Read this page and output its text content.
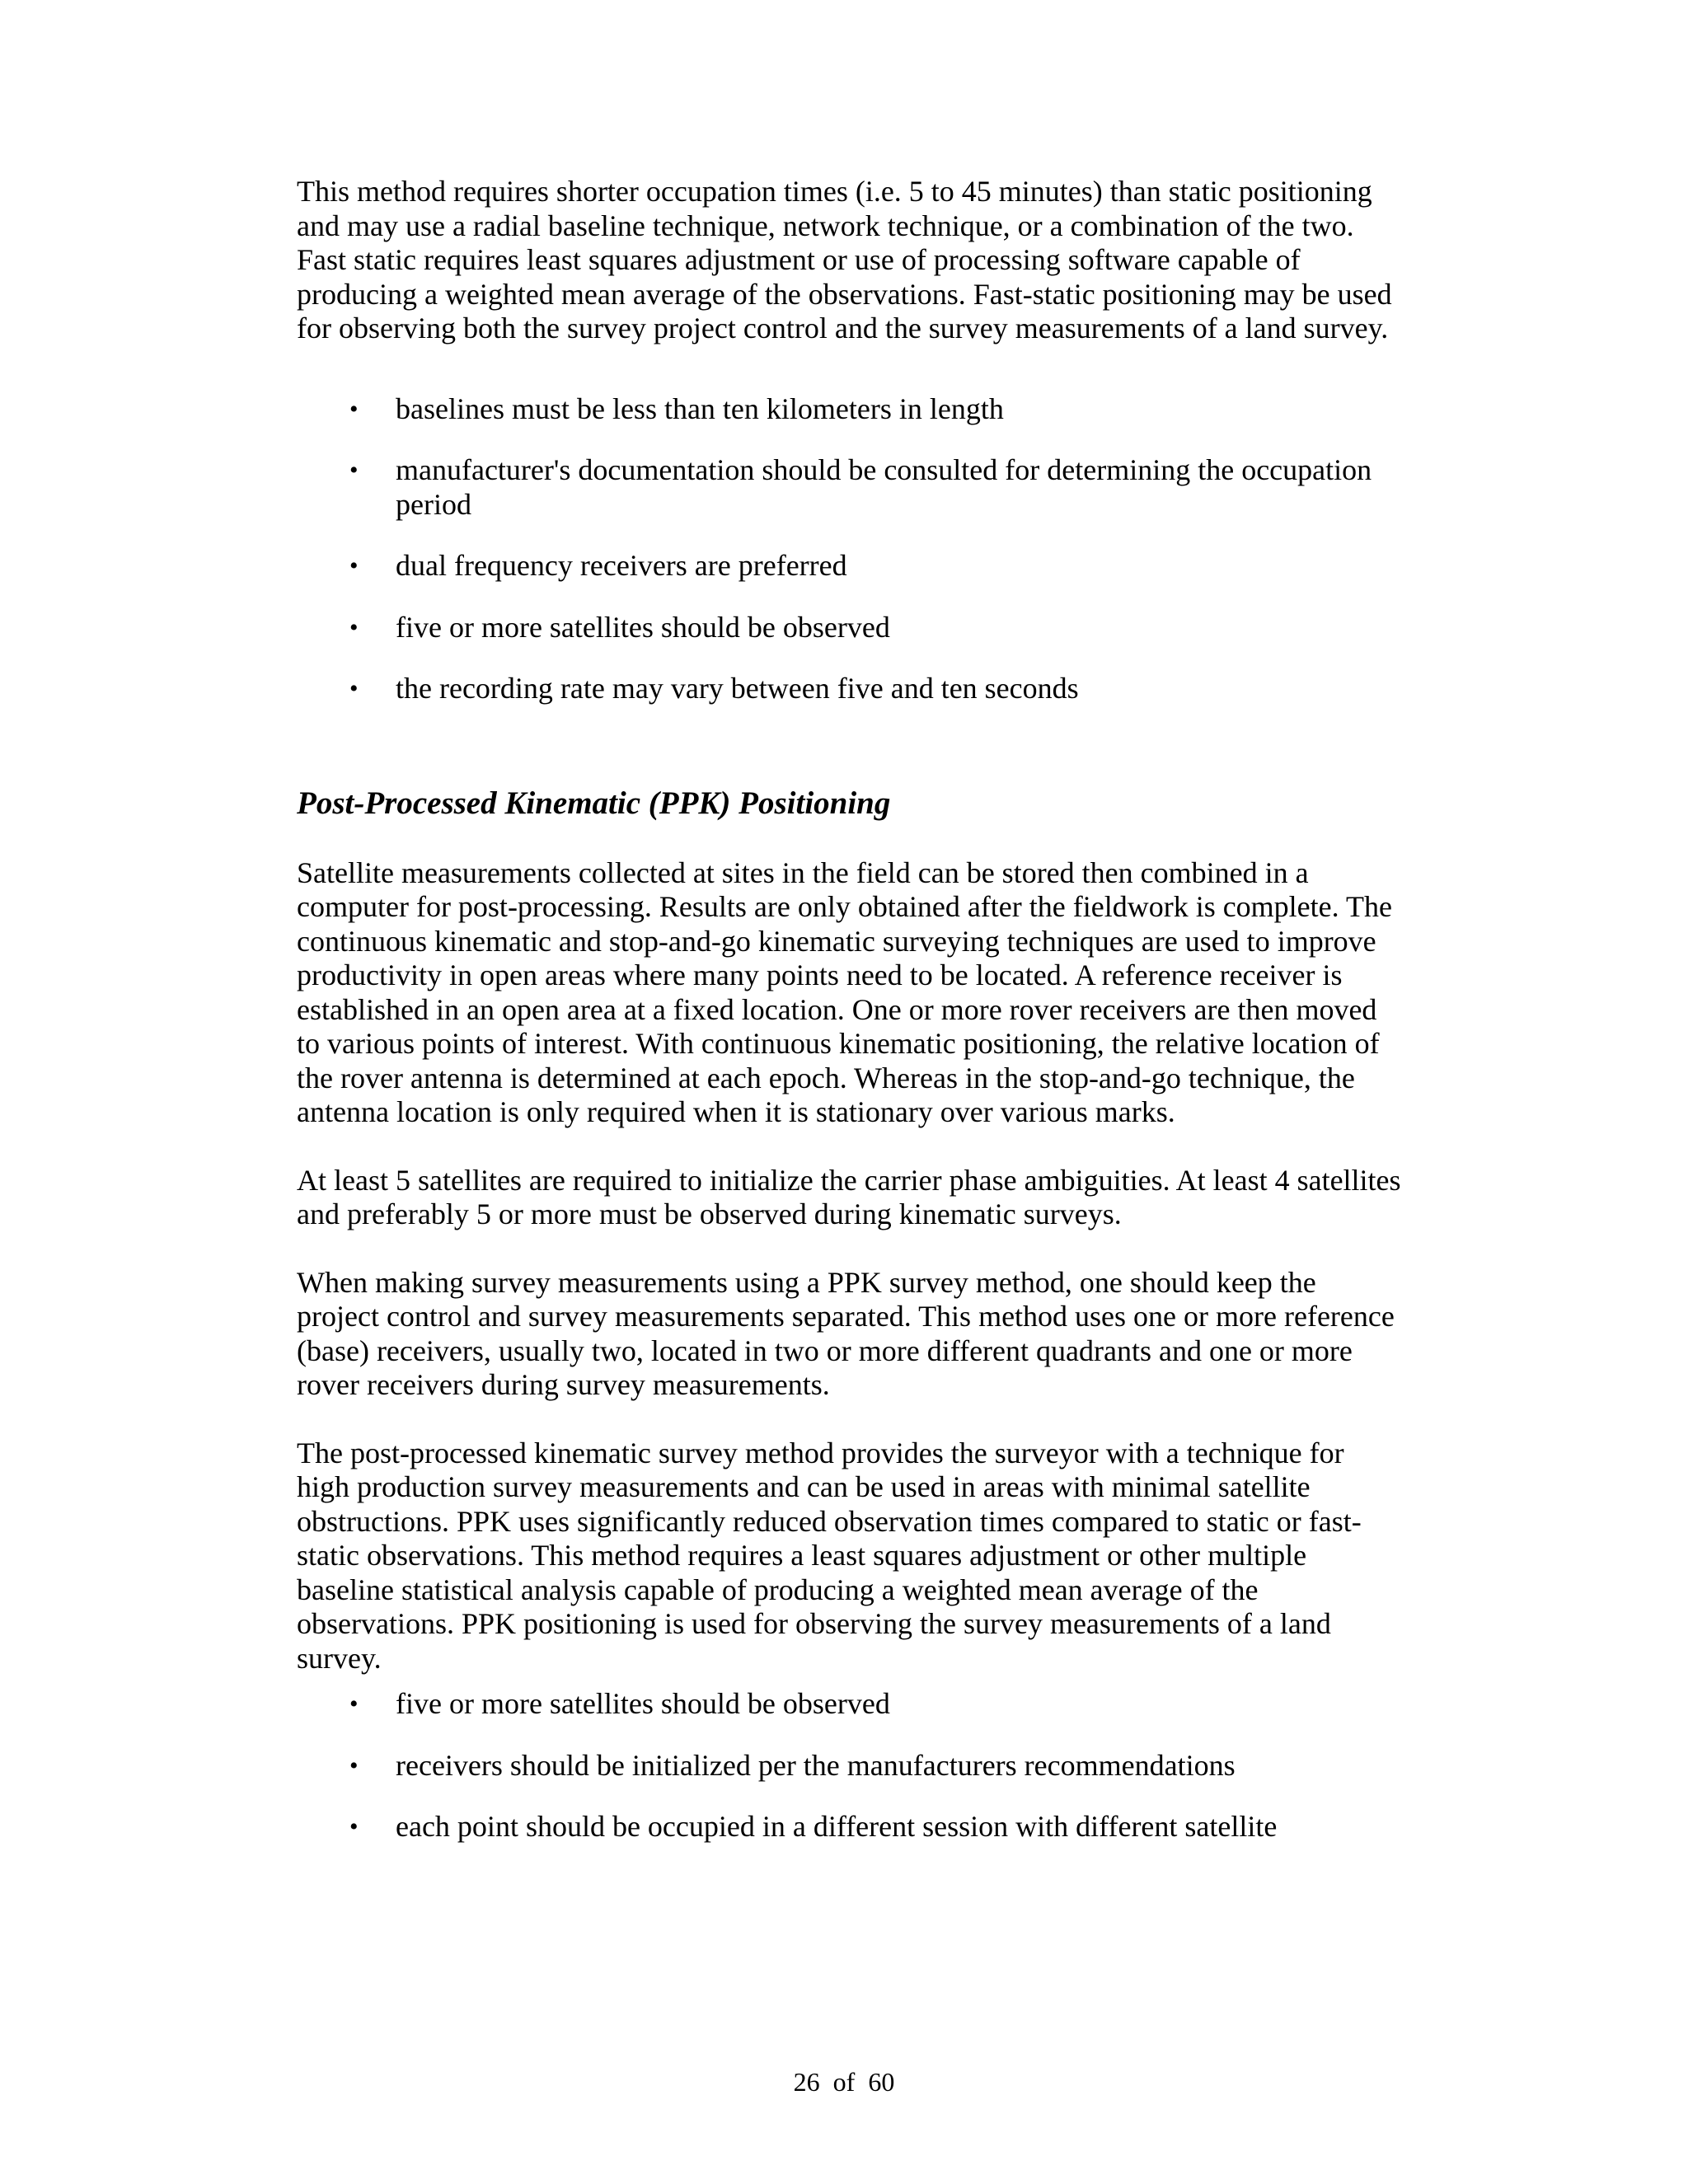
This method requires shorter occupation times (i.e. 5 to 45 minutes) than static positioning and may use a radial baseline technique, network technique, or a combination of the two. Fast static requires least squares adjustment or use of processing software capable of producing a weighted mean average of the observations. Fast-static positioning may be used for observing both the survey project control and the survey measurements of a land survey.

• baselines must be less than ten kilometers in length
• manufacturer's documentation should be consulted for determining the occupation period
• dual frequency receivers are preferred
• five or more satellites should be observed
• the recording rate may vary between five and ten seconds
Post-Processed Kinematic (PPK) Positioning

Satellite measurements collected at sites in the field can be stored then combined in a computer for post-processing. Results are only obtained after the fieldwork is complete. The continuous kinematic and stop-and-go kinematic surveying techniques are used to improve productivity in open areas where many points need to be located. A reference receiver is established in an open area at a fixed location. One or more rover receivers are then moved to various points of interest. With continuous kinematic positioning, the relative location of the rover antenna is determined at each epoch. Whereas in the stop-and-go technique, the antenna location is only required when it is stationary over various marks.

At least 5 satellites are required to initialize the carrier phase ambiguities. At least 4 satellites and preferably 5 or more must be observed during kinematic surveys.

When making survey measurements using a PPK survey method, one should keep the project control and survey measurements separated. This method uses one or more reference (base) receivers, usually two, located in two or more different quadrants and one or more rover receivers during survey measurements.

The post-processed kinematic survey method provides the surveyor with a technique for high production survey measurements and can be used in areas with minimal satellite obstructions. PPK uses significantly reduced observation times compared to static or fast-static observations. This method requires a least squares adjustment or other multiple baseline statistical analysis capable of producing a weighted mean average of the observations. PPK positioning is used for observing the survey measurements of a land survey.

• five or more satellites should be observed
• receivers should be initialized per the manufacturers recommendations
• each point should be occupied in a different session with different satellite
26  of  60
